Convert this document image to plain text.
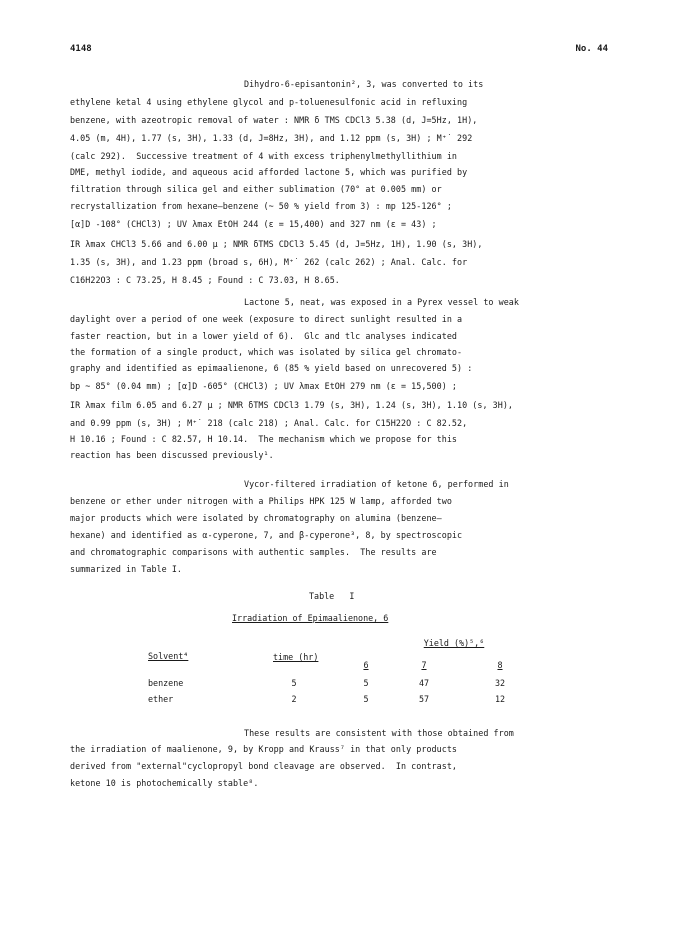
4148	No. 44
Dihydro-6-episantonin², 3, was converted to its
ethylene ketal 4 using ethylene glycol and p-toluenesulfonic acid in refluxing
benzene, with azeotropic removal of water : NMR δ TMS CDCl3 5.38 (d, J=5Hz, 1H),
4.05 (m, 4H), 1.77 (s, 3H), 1.33 (d, J=8Hz, 3H), and 1.12 ppm (s, 3H) ; M⁺˙ 292
(calc 292).  Successive treatment of 4 with excess triphenylmethyllithium in
DME, methyl iodide, and aqueous acid afforded lactone 5, which was purified by
filtration through silica gel and either sublimation (70° at 0.005 mm) or
recrystallization from hexane—benzene (~ 50 % yield from 3) : mp 125-126° ;
[α]D -108° (CHCl3) ; UV λmax EtOH 244 (ε = 15,400) and 327 nm (ε = 43) ;
IR λmax CHCl3 5.66 and 6.00 μ ; NMR δTMS CDCl3 5.45 (d, J=5Hz, 1H), 1.90 (s, 3H),
1.35 (s, 3H), and 1.23 ppm (broad s, 6H), M⁺˙ 262 (calc 262) ; Anal. Calc. for
C16H22O3 : C 73.25, H 8.45 ; Found : C 73.03, H 8.65.
Lactone 5, neat, was exposed in a Pyrex vessel to weak
daylight over a period of one week (exposure to direct sunlight resulted in a
faster reaction, but in a lower yield of 6).  Glc and tlc analyses indicated
the formation of a single product, which was isolated by silica gel chromato-
graphy and identified as epimaalienone, 6 (85 % yield based on unrecovered 5) :
bp ~ 85° (0.04 mm) ; [α]D -605° (CHCl3) ; UV λmax EtOH 279 nm (ε = 15,500) ;
IR λmax film 6.05 and 6.27 μ ; NMR δTMS CDCl3 1.79 (s, 3H), 1.24 (s, 3H), 1.10 (s, 3H),
and 0.99 ppm (s, 3H) ; M⁺˙ 218 (calc 218) ; Anal. Calc. for C15H22O : C 82.52,
H 10.16 ; Found : C 82.57, H 10.14.  The mechanism which we propose for this
reaction has been discussed previously¹.
Vycor-filtered irradiation of ketone 6, performed in
benzene or ether under nitrogen with a Philips HPK 125 W lamp, afforded two
major products which were isolated by chromatography on alumina (benzene—
hexane) and identified as α-cyperone, 7, and β-cyperone³, 8, by spectroscopic
and chromatographic comparisons with authentic samples.  The results are
summarized in Table I.
Table   I
Irradiation of Epimaalienone, 6
Yield (%)⁵,⁶
Solvent⁴	time (hr)
6	7	8
benzene	5	5	47	32
ether	2	5	57	12
These results are consistent with those obtained from
the irradiation of maalienone, 9, by Kropp and Krauss⁷ in that only products
derived from "external"cyclopropyl bond cleavage are observed.  In contrast,
ketone 10 is photochemically stable⁸.
